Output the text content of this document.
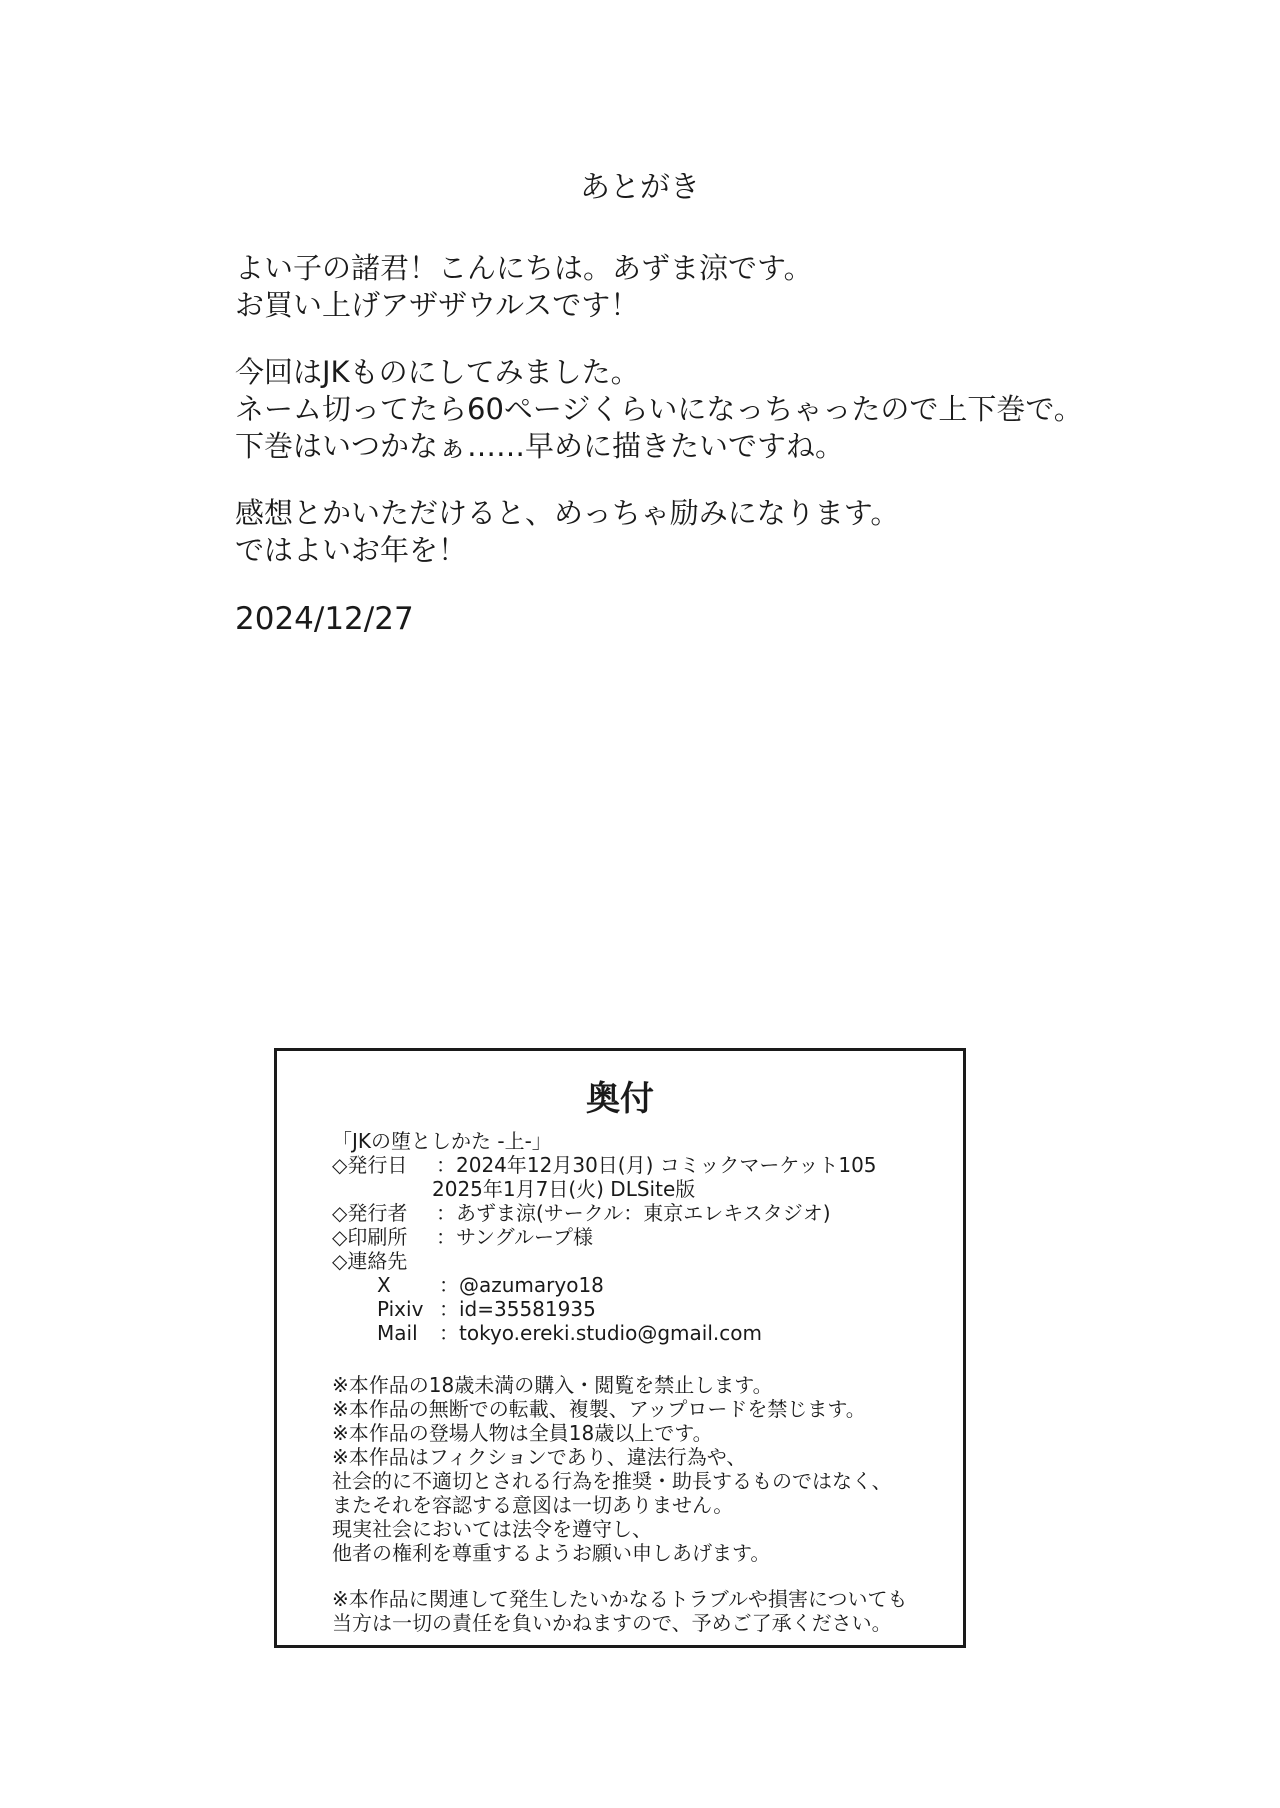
あとがき
よい子の諸君！こんにちは。あずま涼です。
お買い上げアザザウルスです！
今回はJKものにしてみました。
ネーム切ってたら60ページくらいになっちゃったので上下巻で。
下巻はいつかなぁ……早めに描きたいですね。
感想とかいただけると、めっちゃ励みになります。
ではよいお年を！
2024/12/27
奥付
「JKの堕としかた -上-」
◇発行日 ：2024年12月30日(月) コミックマーケット105
2025年1月7日(火) DLSite版
◇発行者 ：あずま涼(サークル：東京エレキスタジオ)
◇印刷所 ：サングループ様
◇連絡先
X ：@azumaryo18
Pixiv ：id=35581935
Mail ：tokyo.ereki.studio@gmail.com
※本作品の18歳未満の購入・閲覧を禁止します。
※本作品の無断での転載、複製、アップロードを禁じます。
※本作品の登場人物は全員18歳以上です。
※本作品はフィクションであり、違法行為や、
社会的に不適切とされる行為を推奨・助長するものではなく、
またそれを容認する意図は一切ありません。
現実社会においては法令を遵守し、
他者の権利を尊重するようお願い申しあげます。
※本作品に関連して発生したいかなるトラブルや損害についても
当方は一切の責任を負いかねますので、予めご了承ください。
